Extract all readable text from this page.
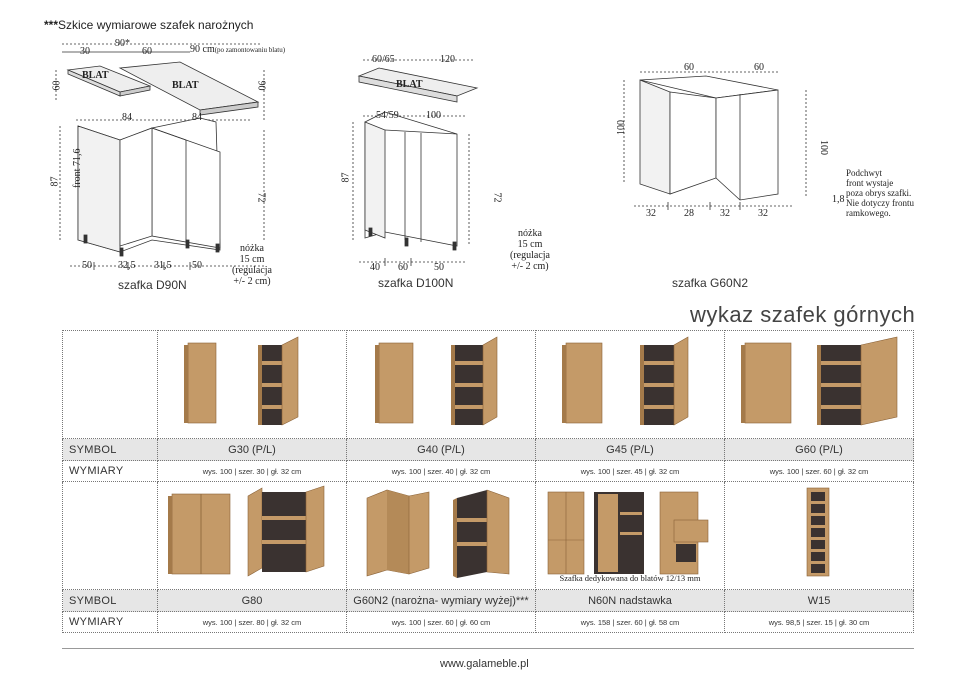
***Szkice wymiarowe szafek narożnych
90*
30	60	90 cm(po zamontowaniu blatu)
BLAT
BLAT
60	90
84	84
87 front 71,6
72
50	32,5 31,5 50
nóżka
15 cm
(regulacja
+/- 2 cm)
szafka D90N
60/65	120
BLAT
54/59	100
87
72
40 60	50
nóżka
15 cm
(regulacja
+/- 2 cm)
szafka D100N
60	60
100
100
32	28	32	32
1,8
Podchwyt
front wystaje
poza obrys szafki.
Nie dotyczy frontu
ramkowego.
szafka G60N2
wykaz szafek górnych

SYMBOL	G30 (P/L)	G40 (P/L)	G45 (P/L)	G60 (P/L)
WYMIARY	wys. 100 | szer. 30 | gł. 32 cm	wys. 100 | szer. 40 | gł. 32 cm	wys. 100 | szer. 45 | gł. 32 cm	wys. 100 | szer. 60 | gł. 32 cm

Szafka dedykowana do blatów 12/13 mm

SYMBOL	G80	G60N2 (narożna- wymiary wyżej)***	N60N nadstawka	W15
WYMIARY	wys. 100 | szer. 80 | gł. 32 cm	wys. 100 | szer. 60 | gł. 60 cm	wys. 158 | szer. 60 | gł. 58 cm	wys. 98,5 | szer. 15 | gł. 30 cm
www.galameble.pl
